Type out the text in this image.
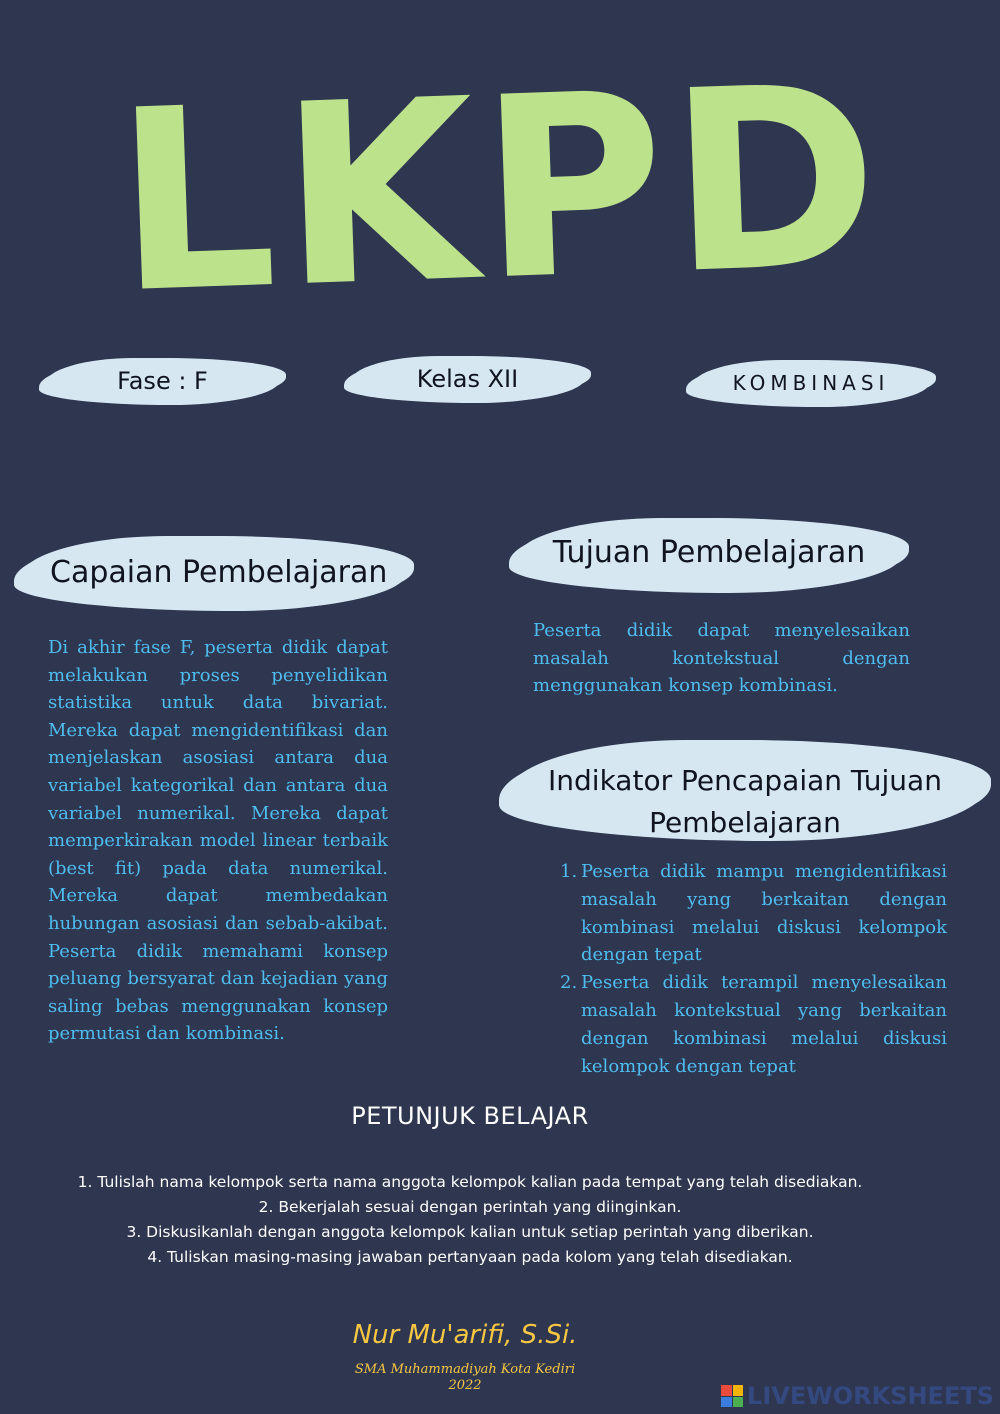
LKPD
Fase : F	Kelas XII	KOMBINASI
Capaian Pembelajaran

Di akhir fase F, peserta didik dapat melakukan proses penyelidikan statistika untuk data bivariat. Mereka dapat mengidentifikasi dan menjelaskan asosiasi antara dua variabel kategorikal dan antara dua variabel numerikal. Mereka dapat memperkirakan model linear terbaik (best fit) pada data numerikal. Mereka dapat membedakan hubungan asosiasi dan sebab-akibat. Peserta didik memahami konsep peluang bersyarat dan kejadian yang saling bebas menggunakan konsep permutasi dan kombinasi.

Tujuan Pembelajaran

Peserta didik dapat menyelesaikan masalah kontekstual dengan menggunakan konsep kombinasi.

Indikator Pencapaian Tujuan
Pembelajaran
1. Peserta didik mampu mengidentifikasi masalah yang berkaitan dengan kombinasi melalui diskusi kelompok dengan tepat
2. Peserta didik terampil menyelesaikan masalah kontekstual yang berkaitan dengan kombinasi melalui diskusi kelompok dengan tepat
PETUNJUK BELAJAR
1. Tulislah nama kelompok serta nama anggota kelompok kalian pada tempat yang telah disediakan.
2. Bekerjalah sesuai dengan perintah yang diinginkan.
3. Diskusikanlah dengan anggota kelompok kalian untuk setiap perintah yang diberikan.
4. Tuliskan masing-masing jawaban pertanyaan pada kolom yang telah disediakan.
Nur Mu'arifi, S.Si.
SMA Muhammadiyah Kota Kediri
2022	LIVEWORKSHEETS
